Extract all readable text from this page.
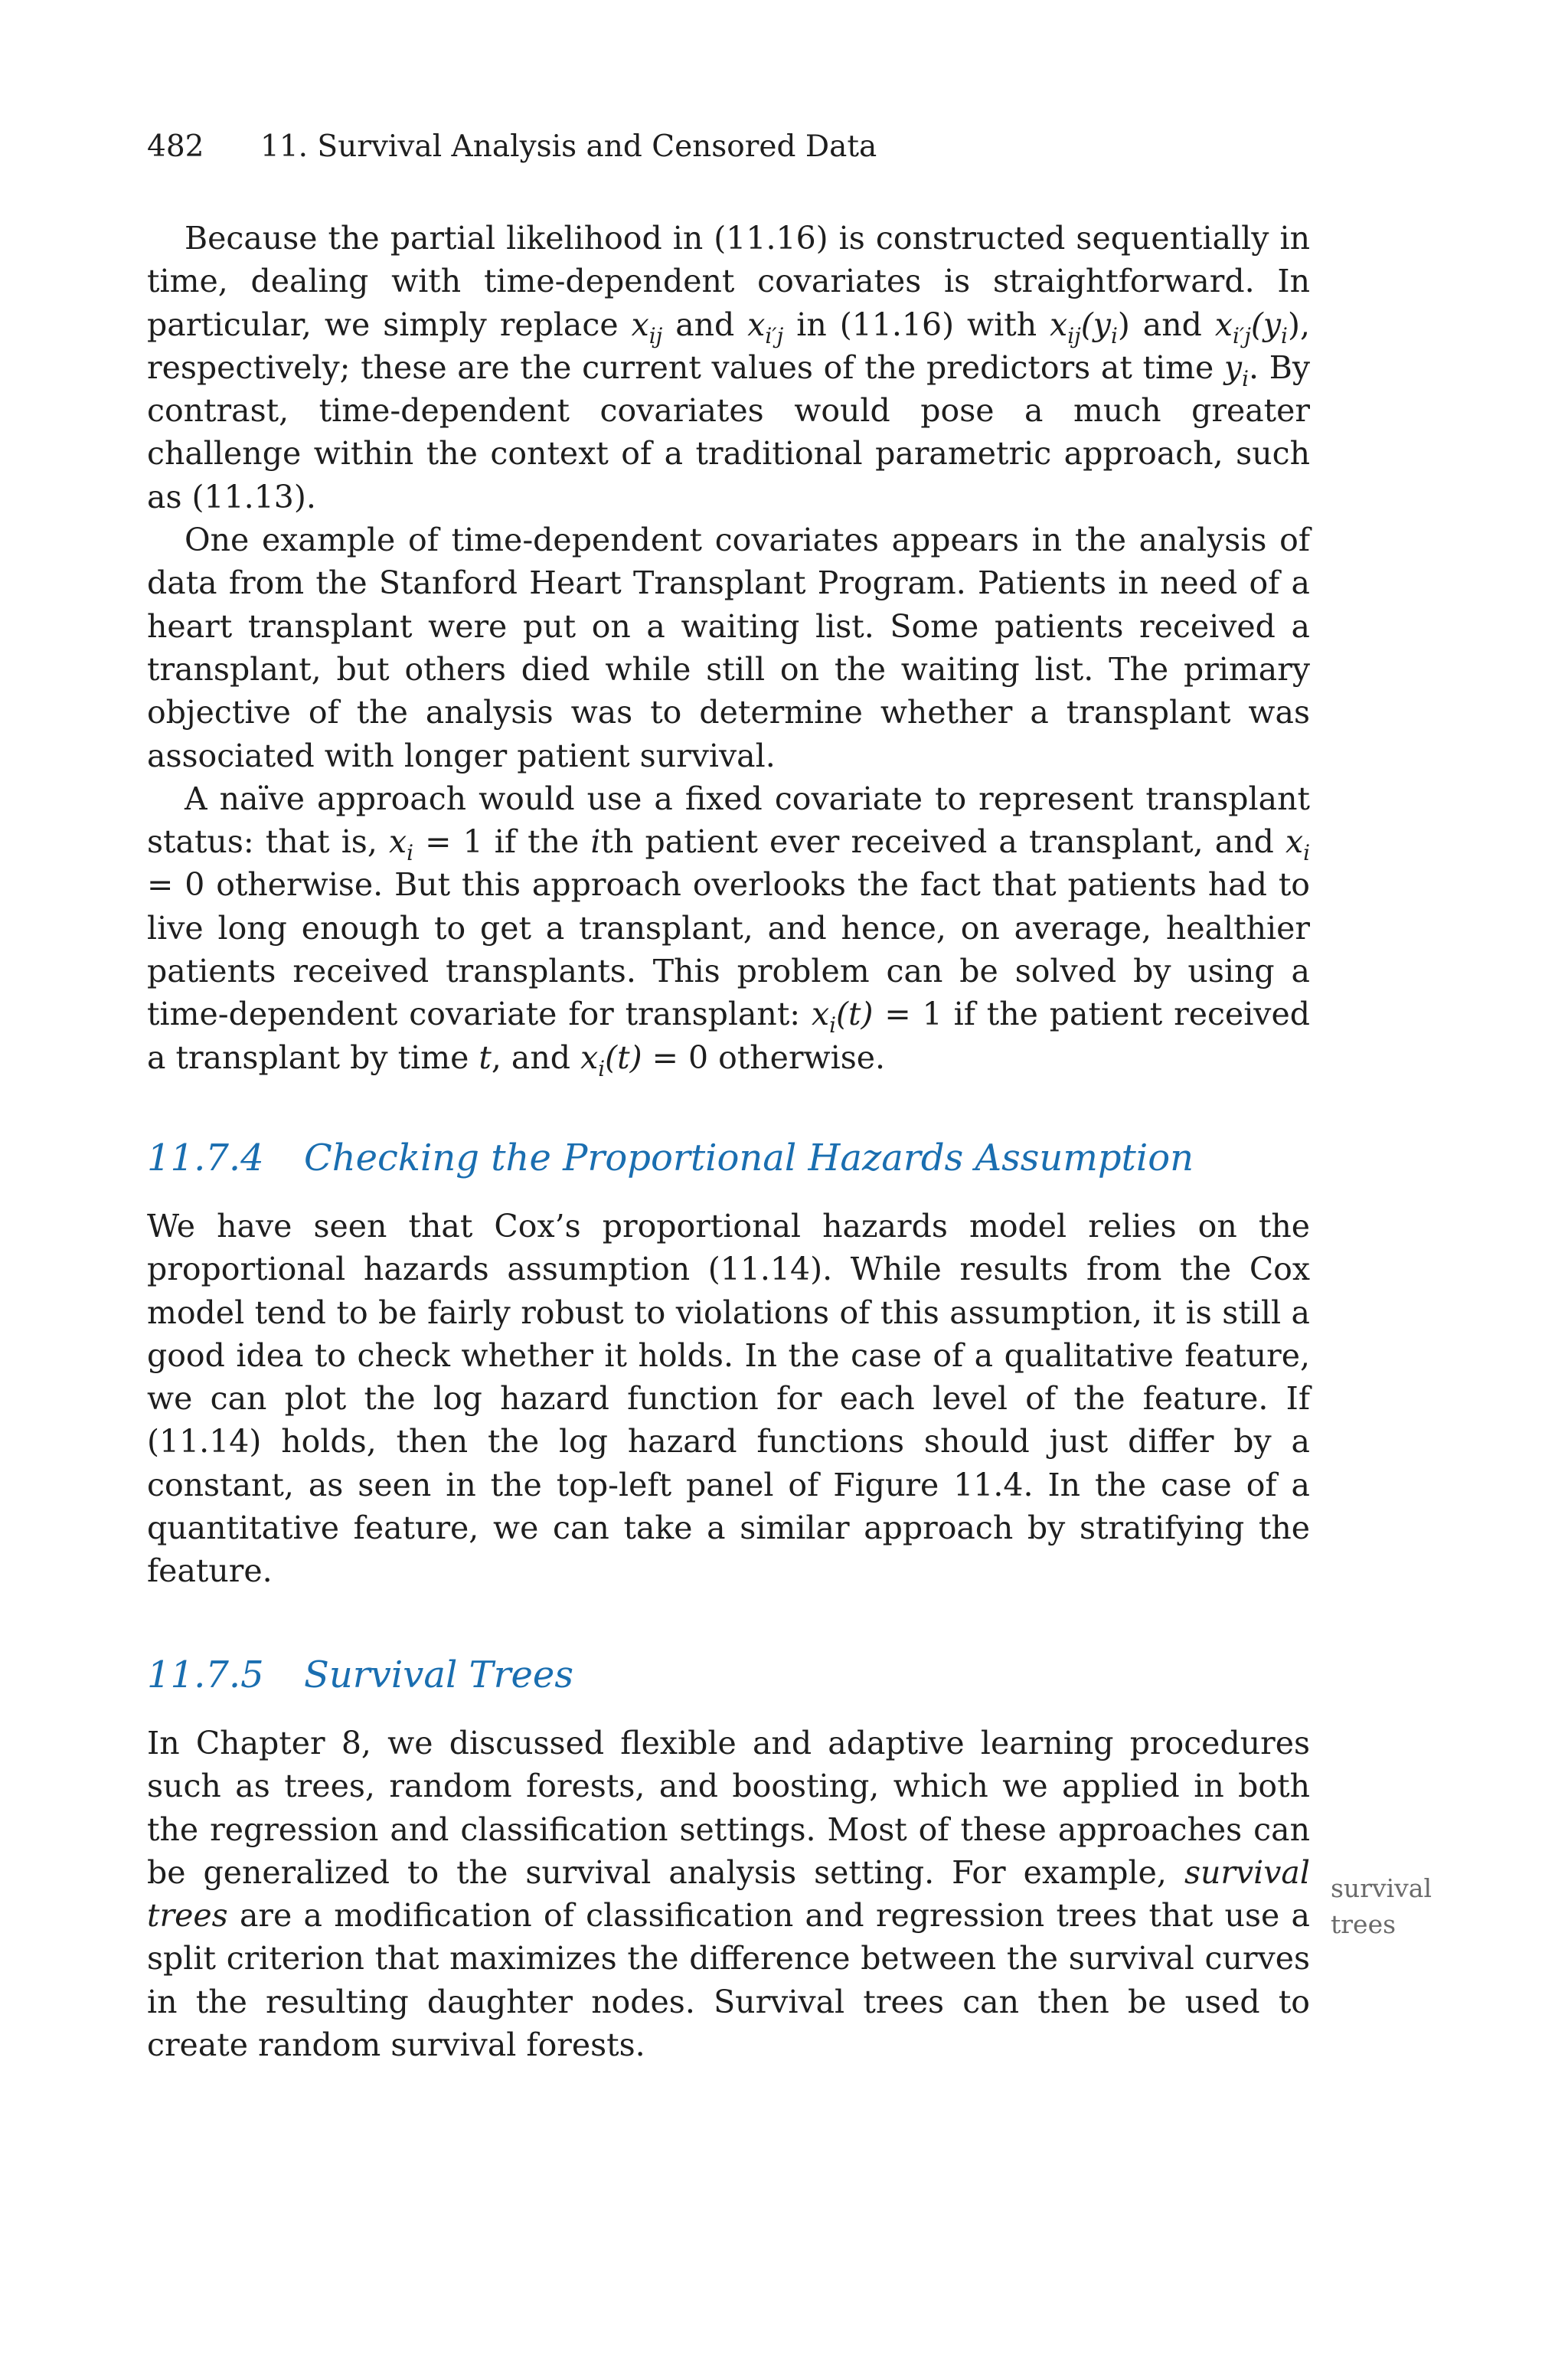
482 11. Survival Analysis and Censored Data

Because the partial likelihood in (11.16) is constructed sequentially in time, dealing with time-dependent covariates is straightforward. In particular, we simply replace $x_{ij}$ and $x_{i'j}$ in (11.16) with $x_{ij}(y_i)$ and $x_{i'j}(y_i)$, respectively; these are the current values of the predictors at time $y_i$. By contrast, time-dependent covariates would pose a much greater challenge within the context of a traditional parametric approach, such as (11.13).

One example of time-dependent covariates appears in the analysis of data from the Stanford Heart Transplant Program. Patients in need of a heart transplant were put on a waiting list. Some patients received a transplant, but others died while still on the waiting list. The primary objective of the analysis was to determine whether a transplant was associated with longer patient survival.

A naïve approach would use a fixed covariate to represent transplant status: that is, $x_i = 1$ if the ith patient ever received a transplant, and $x_i = 0$ otherwise. But this approach overlooks the fact that patients had to live long enough to get a transplant, and hence, on average, healthier patients received transplants. This problem can be solved by using a time-dependent covariate for transplant: $x_i(t) = 1$ if the patient received a transplant by time t, and $x_i(t) = 0$ otherwise.

11.7.4 Checking the Proportional Hazards Assumption

We have seen that Cox’s proportional hazards model relies on the proportional hazards assumption (11.14). While results from the Cox model tend to be fairly robust to violations of this assumption, it is still a good idea to check whether it holds. In the case of a qualitative feature, we can plot the log hazard function for each level of the feature. If (11.14) holds, then the log hazard functions should just differ by a constant, as seen in the top-left panel of Figure 11.4. In the case of a quantitative feature, we can take a similar approach by stratifying the feature.

11.7.5 Survival Trees

In Chapter 8, we discussed flexible and adaptive learning procedures such as trees, random forests, and boosting, which we applied in both the regression and classification settings. Most of these approaches can be generalized to the survival analysis setting. For example, survival trees are a modification of classification and regression trees that use a split criterion that maximizes the difference between the survival curves in the resulting daughter nodes. Survival trees can then be used to create random survival forests.

survival
trees
